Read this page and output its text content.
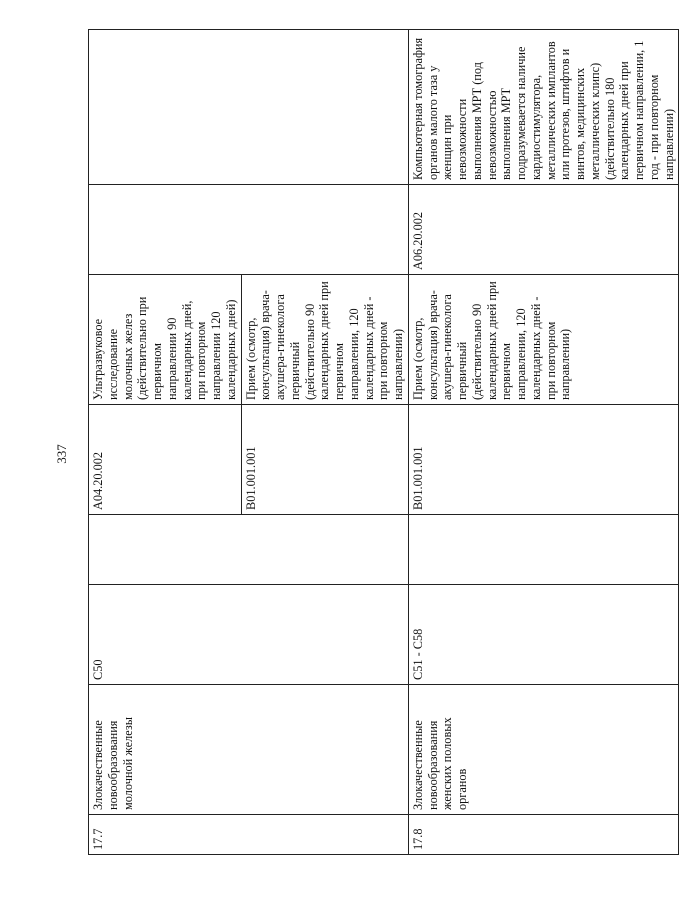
337
17.7	Злокачественные новообразования молочной железы	C50		A04.20.002	Ультразвуковое исследование молочных желез (действительно при первичном направлении 90 календарных дней, при повторном направлении 120 календарных дней)		
				B01.001.001	Прием (осмотр, консультация) врача-акушера-гинеколога первичный (действительно 90 календарных дней при первичном направлении, 120 календарных дней - при повторном направлении)		
17.8	Злокачественные новообразования женских половых органов	C51 - C58		B01.001.001	Прием (осмотр, консультация) врача-акушера-гинеколога первичный (действительно 90 календарных дней при первичном направлении, 120 календарных дней - при повторном направлении)	A06.20.002	Компьютерная томография органов малого таза у женщин при невозможности выполнения МРТ (под невозможностью выполнения МРТ подразумевается наличие кардиостимулятора, металлических имплантов или протезов, штифтов и винтов, медицинских металлических клипс) (действительно 180 календарных дней при первичном направлении, 1 год - при повторном направлении)
